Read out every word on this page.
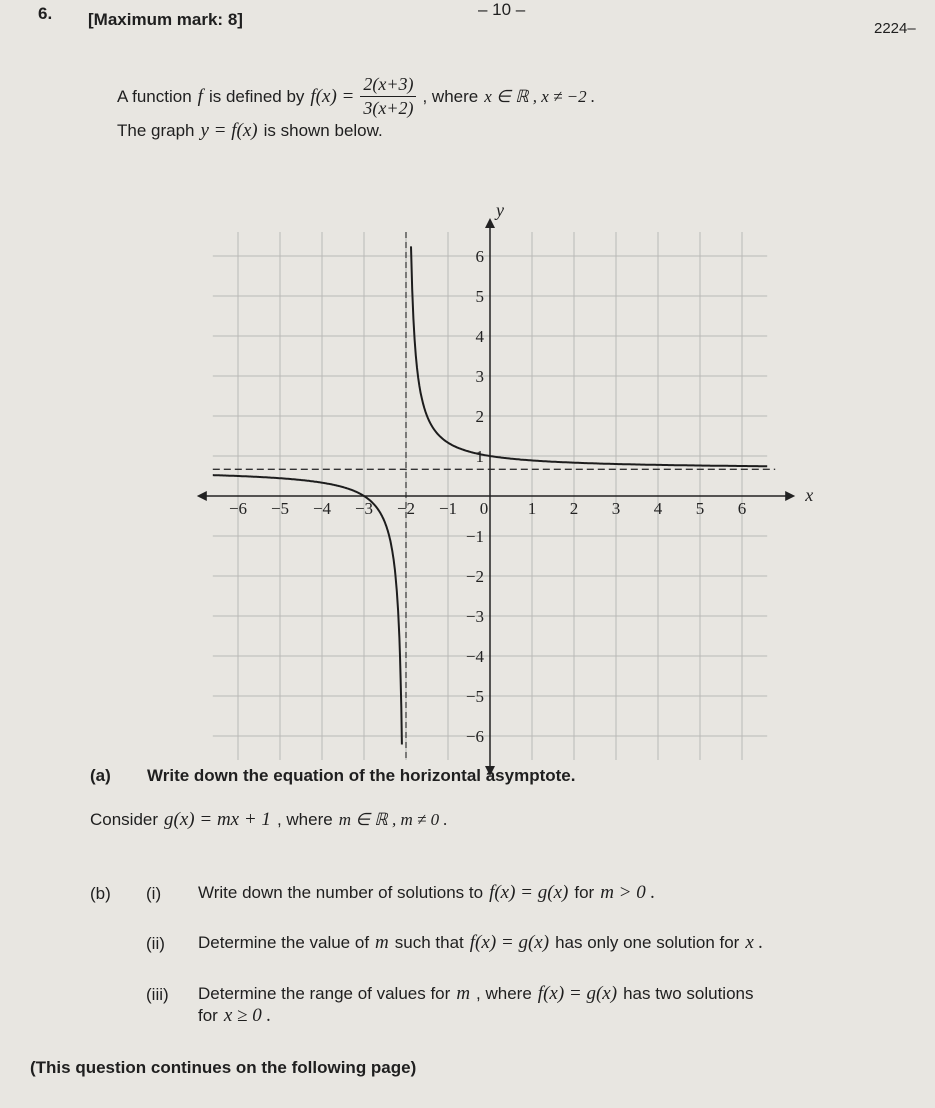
6. [Maximum mark: 8]
– 10 –
2224–
A function f is defined by $f(x) = \frac{2(x+3)}{3(x+2)}$ , where x ∈ ℝ , x ≠ −2 .
The graph y = f(x) is shown below.
x
y
−6 −5 −4 −3 −2 −1 0 1 2 3 4 5 6
−6
−5
−4
−3
−2
−1
1
2
3
4
5
6
(a) Write down the equation of the horizontal asymptote.
Consider g(x) = mx + 1 , where m ∈ ℝ , m ≠ 0 .
(b) (i) Write down the number of solutions to f(x) = g(x) for m > 0 .
(ii) Determine the value of m such that f(x) = g(x) has only one solution for x .
(iii) Determine the range of values for m , where f(x) = g(x) has two solutions
for x ≥ 0 .
(This question continues on the following page)
